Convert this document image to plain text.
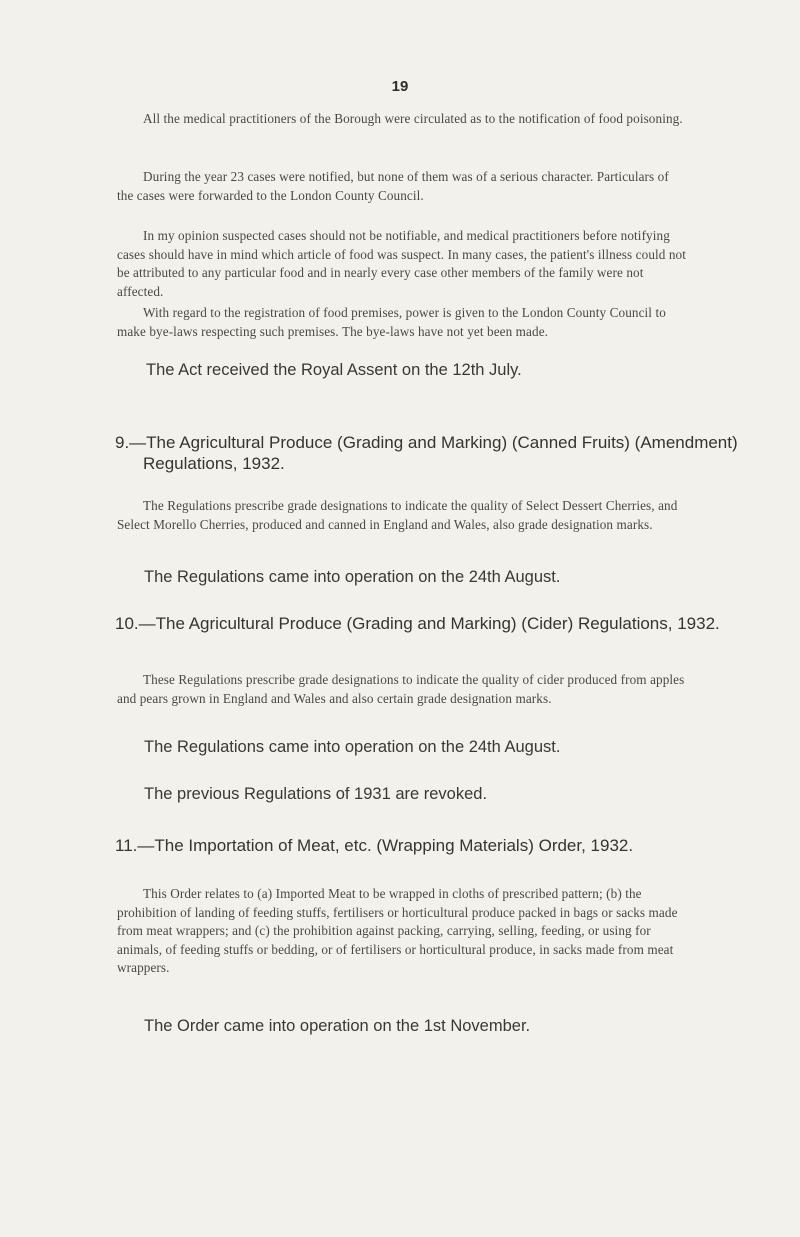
19

All the medical practitioners of the Borough were circulated as to the notification of food poisoning.

During the year 23 cases were notified, but none of them was of a serious character. Particulars of the cases were forwarded to the London County Council.

In my opinion suspected cases should not be notifiable, and medical practitioners before notifying cases should have in mind which article of food was suspect. In many cases, the patient's illness could not be attributed to any particular food and in nearly every case other members of the family were not affected.

With regard to the registration of food premises, power is given to the London County Council to make bye-laws respecting such premises. The bye-laws have not yet been made.

The Act received the Royal Assent on the 12th July.

9.—The Agricultural Produce (Grading and Marking) (Canned Fruits) (Amendment) Regulations, 1932.

The Regulations prescribe grade designations to indicate the quality of Select Dessert Cherries, and Select Morello Cherries, produced and canned in England and Wales, also grade designation marks.

The Regulations came into operation on the 24th August.

10.—The Agricultural Produce (Grading and Marking) (Cider) Regulations, 1932.

These Regulations prescribe grade designations to indicate the quality of cider produced from apples and pears grown in England and Wales and also certain grade designation marks.

The Regulations came into operation on the 24th August.

The previous Regulations of 1931 are revoked.

11.—The Importation of Meat, etc. (Wrapping Materials) Order, 1932.

This Order relates to (a) Imported Meat to be wrapped in cloths of prescribed pattern; (b) the prohibition of landing of feeding stuffs, fertilisers or horticultural produce packed in bags or sacks made from meat wrappers; and (c) the prohibition against packing, carrying, selling, feeding, or using for animals, of feeding stuffs or bedding, or of fertilisers or horticultural produce, in sacks made from meat wrappers.

The Order came into operation on the 1st November.
